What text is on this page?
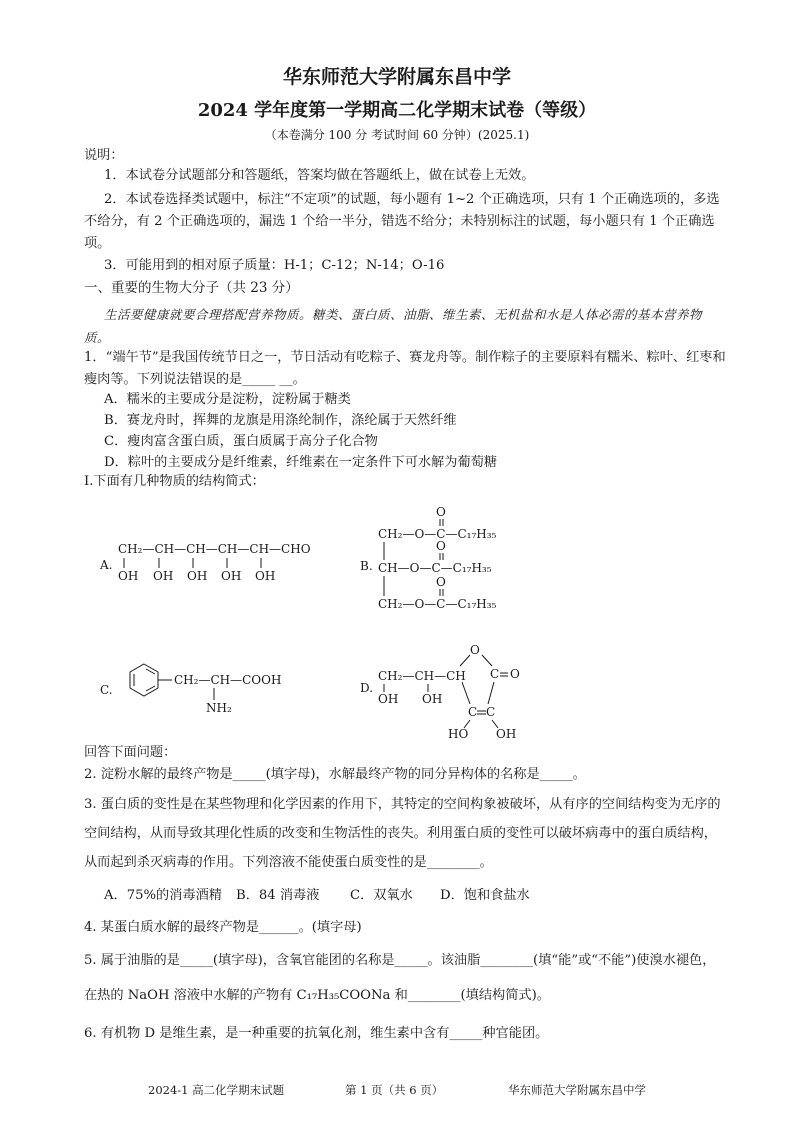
华东师范大学附属东昌中学
2024 学年度第一学期高二化学期末试卷（等级）
（本卷满分 100 分 考试时间 60 分钟）(2025.1)
说明：
1．本试卷分试题部分和答题纸，答案均做在答题纸上，做在试卷上无效。
2．本试卷选择类试题中，标注“不定项”的试题，每小题有 1~2 个正确选项，只有 1 个正确选项的，多选
不给分，有 2 个正确选项的，漏选 1 个给一半分，错选不给分；未特别标注的试题，每小题只有 1 个正确选
项。
3．可能用到的相对原子质量：H-1；C-12；N-14；O-16
一、重要的生物大分子（共 23 分）
生活要健康就要合理搭配营养物质。糖类、蛋白质、油脂、维生素、无机盐和水是人体必需的基本营养物
质。
1．“端午节”是我国传统节日之一，节日活动有吃粽子、赛龙舟等。制作粽子的主要原料有糯米、粽叶、红枣和
瘦肉等。下列说法错误的是_____ __。
A．糯米的主要成分是淀粉，淀粉属于糖类
B．赛龙舟时，挥舞的龙旗是用涤纶制作，涤纶属于天然纤维
C．瘦肉富含蛋白质，蛋白质属于高分子化合物
D．粽叶的主要成分是纤维素，纤维素在一定条件下可水解为葡萄糖
I.下面有几种物质的结构简式：
A.
CH₂—CH—CH—CH—CH—CHO
OH OH OH OH OH
B.
O
CH₂—O—C—C₁₇H₃₅
O
CH—O—C—C₁₇H₃₅
O
CH₂—O—C—C₁₇H₃₅
C.
CH₂—CH—COOH
NH₂
D.
CH₂—CH—CH
OH OH
O
C O
C C
HO OH
回答下面问题：
2. 淀粉水解的最终产物是_____(填字母)，水解最终产物的同分异构体的名称是_____。
3. 蛋白质的变性是在某些物理和化学因素的作用下，其特定的空间构象被破坏，从有序的空间结构变为无序的
空间结构，从而导致其理化性质的改变和生物活性的丧失。利用蛋白质的变性可以破坏病毒中的蛋白质结构，
从而起到杀灭病毒的作用。下列溶液不能使蛋白质变性的是________。
A．75%的消毒酒精 B．84 消毒液 C．双氧水 D．饱和食盐水
4. 某蛋白质水解的最终产物是______。(填字母)
5. 属于油脂的是_____(填字母)，含氧官能团的名称是_____。该油脂________(填“能”或“不能”)使溴水褪色，
在热的 NaOH 溶液中水解的产物有 C₁₇H₃₅COONa 和________(填结构简式)。
6. 有机物 D 是维生素，是一种重要的抗氧化剂，维生素中含有_____种官能团。
2024-1 高二化学期末试题	第 1 页（共 6 页）	华东师范大学附属东昌中学
